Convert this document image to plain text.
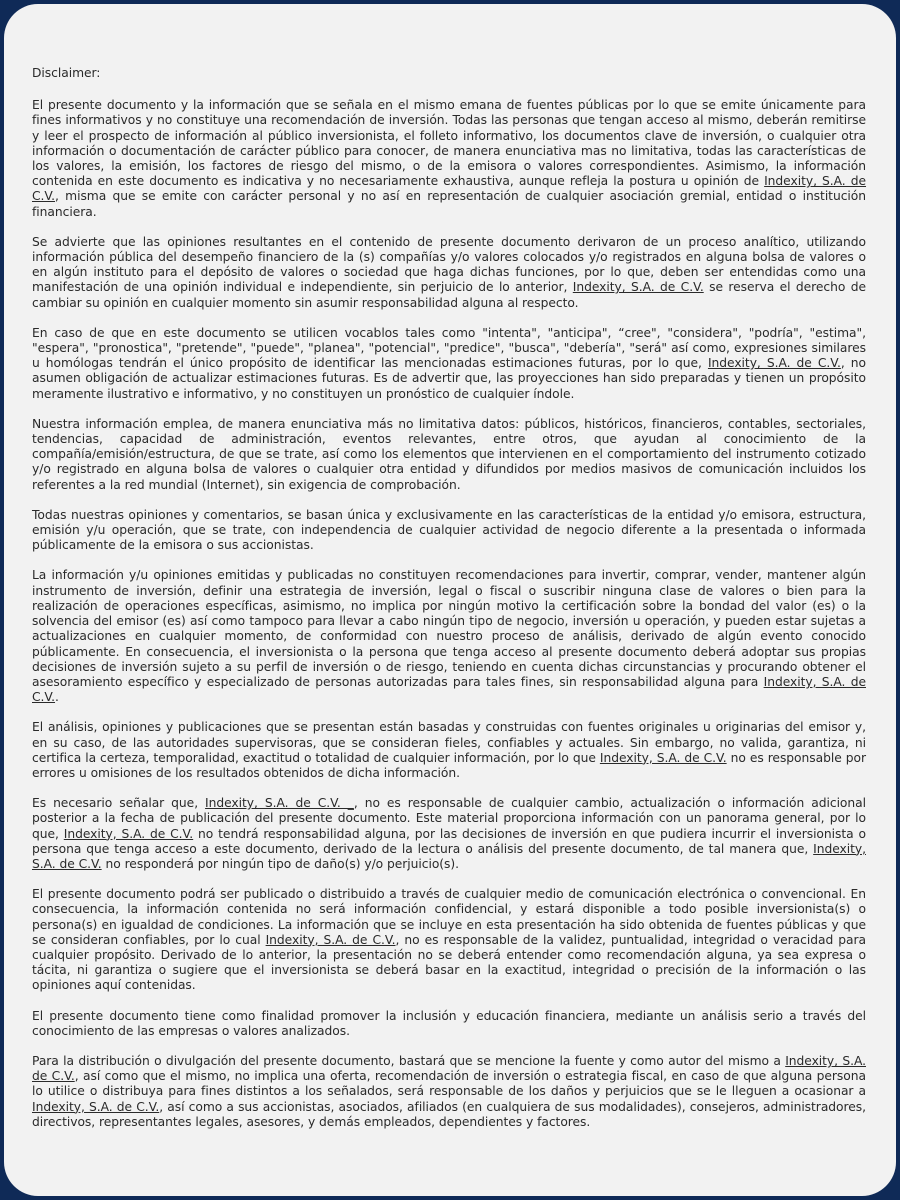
Disclaimer:

El presente documento y la información que se señala en el mismo emana de fuentes públicas por lo que se emite únicamente para fines informativos y no constituye una recomendación de inversión. Todas las personas que tengan acceso al mismo, deberán remitirse y leer el prospecto de información al público inversionista, el folleto informativo, los documentos clave de inversión, o cualquier otra información o documentación de carácter público para conocer, de manera enunciativa mas no limitativa, todas las características de los valores, la emisión, los factores de riesgo del mismo, o de la emisora o valores correspondientes. Asimismo, la información contenida en este documento es indicativa y no necesariamente exhaustiva, aunque refleja la postura u opinión de Indexity, S.A. de C.V., misma que se emite con carácter personal y no así en representación de cualquier asociación gremial, entidad o institución financiera.

Se advierte que las opiniones resultantes en el contenido de presente documento derivaron de un proceso analítico, utilizando información pública del desempeño financiero de la (s) compañías y/o valores colocados y/o registrados en alguna bolsa de valores o en algún instituto para el depósito de valores o sociedad que haga dichas funciones, por lo que, deben ser entendidas como una manifestación de una opinión individual e independiente, sin perjuicio de lo anterior, Indexity, S.A. de C.V. se reserva el derecho de cambiar su opinión en cualquier momento sin asumir responsabilidad alguna al respecto.

En caso de que en este documento se utilicen vocablos tales como "intenta", "anticipa", “cree", "considera", "podría", "estima", "espera", "pronostica", "pretende", "puede", "planea", "potencial", "predice", "busca", "debería", "será" así como, expresiones similares u homólogas tendrán el único propósito de identificar las mencionadas estimaciones futuras, por lo que, Indexity, S.A. de C.V., no asumen obligación de actualizar estimaciones futuras. Es de advertir que, las proyecciones han sido preparadas y tienen un propósito meramente ilustrativo e informativo, y no constituyen un pronóstico de cualquier índole.

Nuestra información emplea, de manera enunciativa más no limitativa datos: públicos, históricos, financieros, contables, sectoriales, tendencias, capacidad de administración, eventos relevantes, entre otros, que ayudan al conocimiento de la compañía/emisión/estructura, de que se trate, así como los elementos que intervienen en el comportamiento del instrumento cotizado y/o registrado en alguna bolsa de valores o cualquier otra entidad y difundidos por medios masivos de comunicación incluidos los referentes a la red mundial (Internet), sin exigencia de comprobación.

Todas nuestras opiniones y comentarios, se basan única y exclusivamente en las características de la entidad y/o emisora, estructura, emisión y/u operación, que se trate, con independencia de cualquier actividad de negocio diferente a la presentada o informada públicamente de la emisora o sus accionistas.

La información y/u opiniones emitidas y publicadas no constituyen recomendaciones para invertir, comprar, vender, mantener algún instrumento de inversión, definir una estrategia de inversión, legal o fiscal o suscribir ninguna clase de valores o bien para la realización de operaciones específicas, asimismo, no implica por ningún motivo la certificación sobre la bondad del valor (es) o la solvencia del emisor (es) así como tampoco para llevar a cabo ningún tipo de negocio, inversión u operación, y pueden estar sujetas a actualizaciones en cualquier momento, de conformidad con nuestro proceso de análisis, derivado de algún evento conocido públicamente. En consecuencia, el inversionista o la persona que tenga acceso al presente documento deberá adoptar sus propias decisiones de inversión sujeto a su perfil de inversión o de riesgo, teniendo en cuenta dichas circunstancias y procurando obtener el asesoramiento específico y especializado de personas autorizadas para tales fines, sin responsabilidad alguna para Indexity, S.A. de C.V..

El análisis, opiniones y publicaciones que se presentan están basadas y construidas con fuentes originales u originarias del emisor y, en su caso, de las autoridades supervisoras, que se consideran fieles, confiables y actuales. Sin embargo, no valida, garantiza, ni certifica la certeza, temporalidad, exactitud o totalidad de cualquier información, por lo que Indexity, S.A. de C.V. no es responsable por errores u omisiones de los resultados obtenidos de dicha información.

Es necesario señalar que, Indexity, S.A. de C.V. _, no es responsable de cualquier cambio, actualización o información adicional posterior a la fecha de publicación del presente documento. Este material proporciona información con un panorama general, por lo que, Indexity, S.A. de C.V. no tendrá responsabilidad alguna, por las decisiones de inversión en que pudiera incurrir el inversionista o persona que tenga acceso a este documento, derivado de la lectura o análisis del presente documento, de tal manera que, Indexity, S.A. de C.V. no responderá por ningún tipo de daño(s) y/o perjuicio(s).

El presente documento podrá ser publicado o distribuido a través de cualquier medio de comunicación electrónica o convencional. En consecuencia, la información contenida no será información confidencial, y estará disponible a todo posible inversionista(s) o persona(s) en igualdad de condiciones. La información que se incluye en esta presentación ha sido obtenida de fuentes públicas y que se consideran confiables, por lo cual Indexity, S.A. de C.V., no es responsable de la validez, puntualidad, integridad o veracidad para cualquier propósito. Derivado de lo anterior, la presentación no se deberá entender como recomendación alguna, ya sea expresa o tácita, ni garantiza o sugiere que el inversionista se deberá basar en la exactitud, integridad o precisión de la información o las opiniones aquí contenidas.

El presente documento tiene como finalidad promover la inclusión y educación financiera, mediante un análisis serio a través del conocimiento de las empresas o valores analizados.

Para la distribución o divulgación del presente documento, bastará que se mencione la fuente y como autor del mismo a Indexity, S.A. de C.V., así como que el mismo, no implica una oferta, recomendación de inversión o estrategia fiscal, en caso de que alguna persona lo utilice o distribuya para fines distintos a los señalados, será responsable de los daños y perjuicios que se le lleguen a ocasionar a Indexity, S.A. de C.V., así como a sus accionistas, asociados, afiliados (en cualquiera de sus modalidades), consejeros, administradores, directivos, representantes legales, asesores, y demás empleados, dependientes y factores.
